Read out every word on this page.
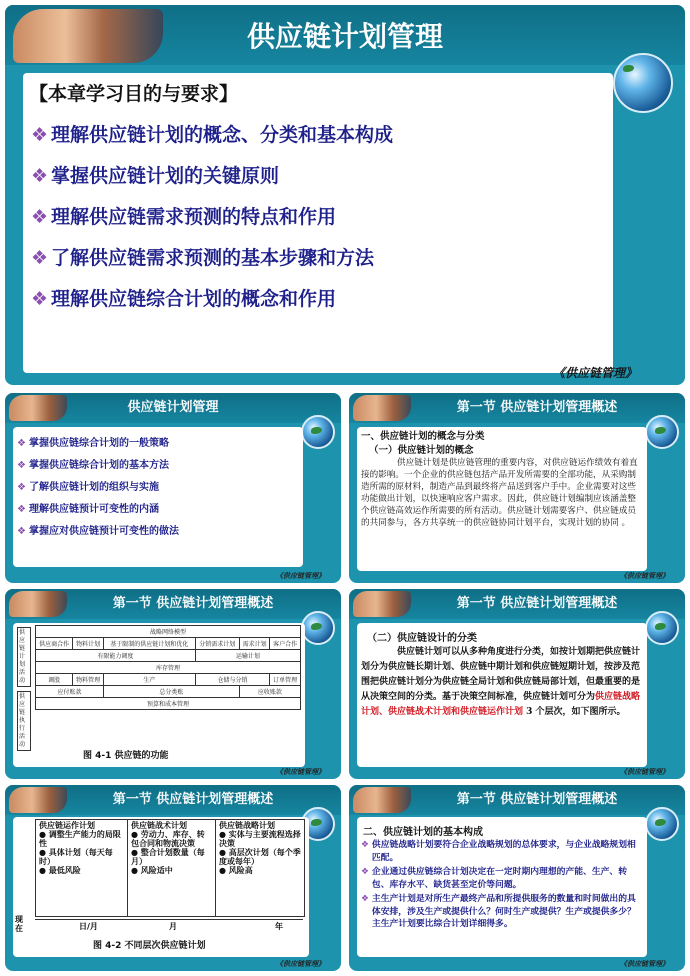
供应链计划管理
【本章学习目的与要求】
❖ 理解供应链计划的概念、分类和基本构成
❖ 掌握供应链计划的关键原则
❖ 理解供应链需求预测的特点和作用
❖ 了解供应链需求预测的基本步骤和方法
❖ 理解供应链综合计划的概念和作用
《供应链管理》
供应链计划管理
❖ 掌握供应链综合计划的一般策略
❖ 掌握供应链综合计划的基本方法
❖ 了解供应链计划的组织与实施
❖ 理解供应链预计可变性的内涵
❖ 掌握应对供应链预计可变性的做法
《供应链管理》
第一节 供应链计划管理概述
一、供应链计划的概念与分类
（一）供应链计划的概念
供应链计划是供应链管理的重要内容，对供应链运作绩效有着直接的影响。一个企业的供应链包括产品开发所需要的全部功能，从采购制造所需的原材料，制造产品到最终将产品送到客户手中。企业需要对这些功能做出计划，以快速响应客户需求。因此，供应链计划编制应该涵盖整个供应链高效运作所需要的所有活动。供应链计划需要客户、供应链成员的共同参与，各方共享统一的供应链协同计划平台，实现计划的协同 。
《供应链管理》
第一节 供应链计划管理概述
战略网络模型					
供应商合作	物料计划	基于限制的供应链计划和优化	分销需求计划	需求计划	客户合作
有限能力调度			运输计划		
库存管理					
调股	物料管理	生产	仓储与分销		订单管理
应付账款		总分类账		应收账款	
预算和成本管理					
供应链计划活动
供应链执行活动
图 4-1 供应链的功能
《供应链管理》
第一节 供应链计划管理概述
（二）供应链设计的分类
供应链计划可以从多种角度进行分类，如按计划期把供应链计划分为供应链长期计划、供应链中期计划和供应链短期计划，按涉及范围把供应链计划分为供应链全局计划和供应链局部计划，但最重要的是从决策空间的分类。基于决策空间标准，供应链计划可分为供应链战略计划、供应链战术计划和供应链运作计划 3 个层次，如下图所示。
《供应链管理》
第一节 供应链计划管理概述
供应链运作计划
● 调整生产能力的局限性
● 具体计划（每天每时）
● 最低风险
供应链战术计划
● 劳动力、库存、转包合同和物流决策
● 整合计划数量（每月）
● 风险适中
供应链战略计划
● 实体与主要流程选择决策
● 高层次计划（每个季度或每年）
● 风险高
现在	日/月	月	年
图 4-2 不同层次供应链计划
《供应链管理》
第一节 供应链计划管理概述
二、供应链计划的基本构成
❖ 供应链战略计划要符合企业战略规划的总体要求，与企业战略规划相匹配。
❖ 企业通过供应链综合计划决定在一定时期内理想的产能、生产、转包、库存水平、缺货甚至定价等问题。
❖ 主生产计划是对所生产最终产品和所提供服务的数量和时间做出的具体安排，涉及生产或提供什么？何时生产或提供？生产或提供多少？主生产计划要比综合计划详细得多。
《供应链管理》
